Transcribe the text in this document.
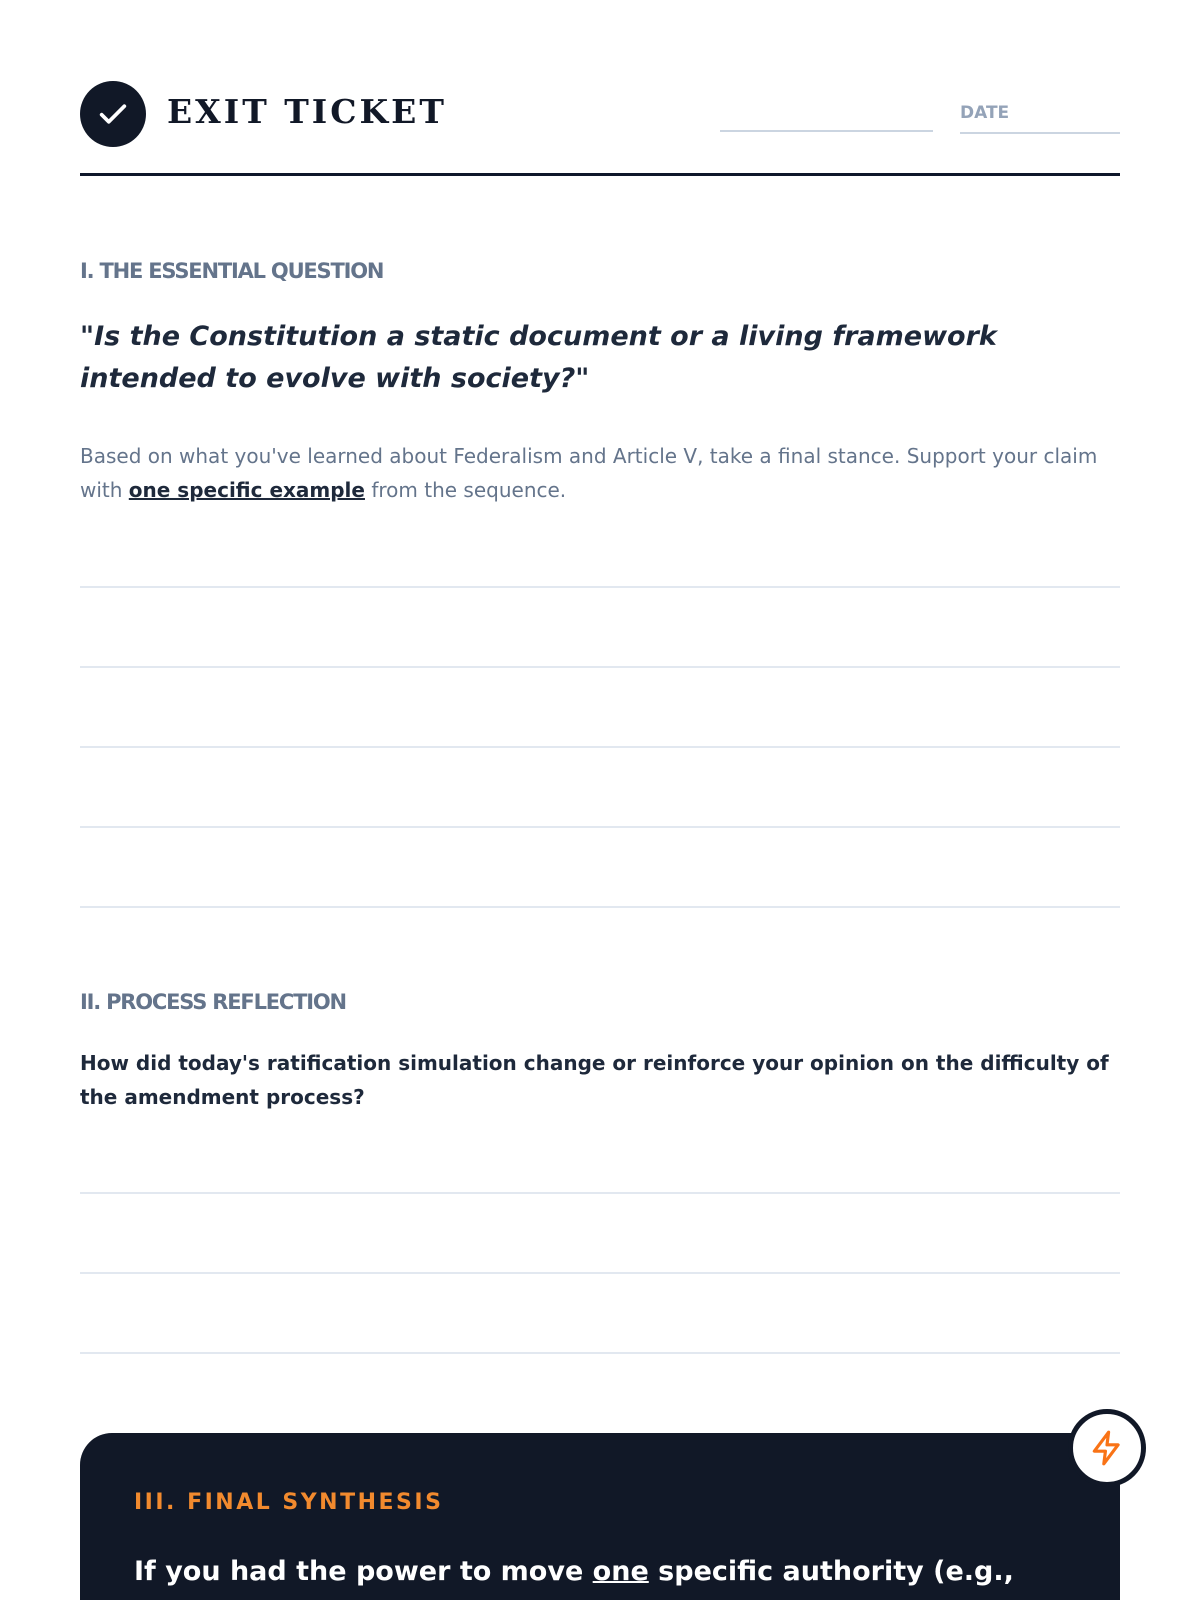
EXIT TICKET	DATE
I. THE ESSENTIAL QUESTION
"Is the Constitution a static document or a living framework intended to evolve with society?"
Based on what you've learned about Federalism and Article V, take a final stance. Support your claim with one specific example from the sequence.
II. PROCESS REFLECTION
How did today's ratification simulation change or reinforce your opinion on the difficulty of the amendment process?
III. FINAL SYNTHESIS
If you had the power to move one specific authority (e.g.,
